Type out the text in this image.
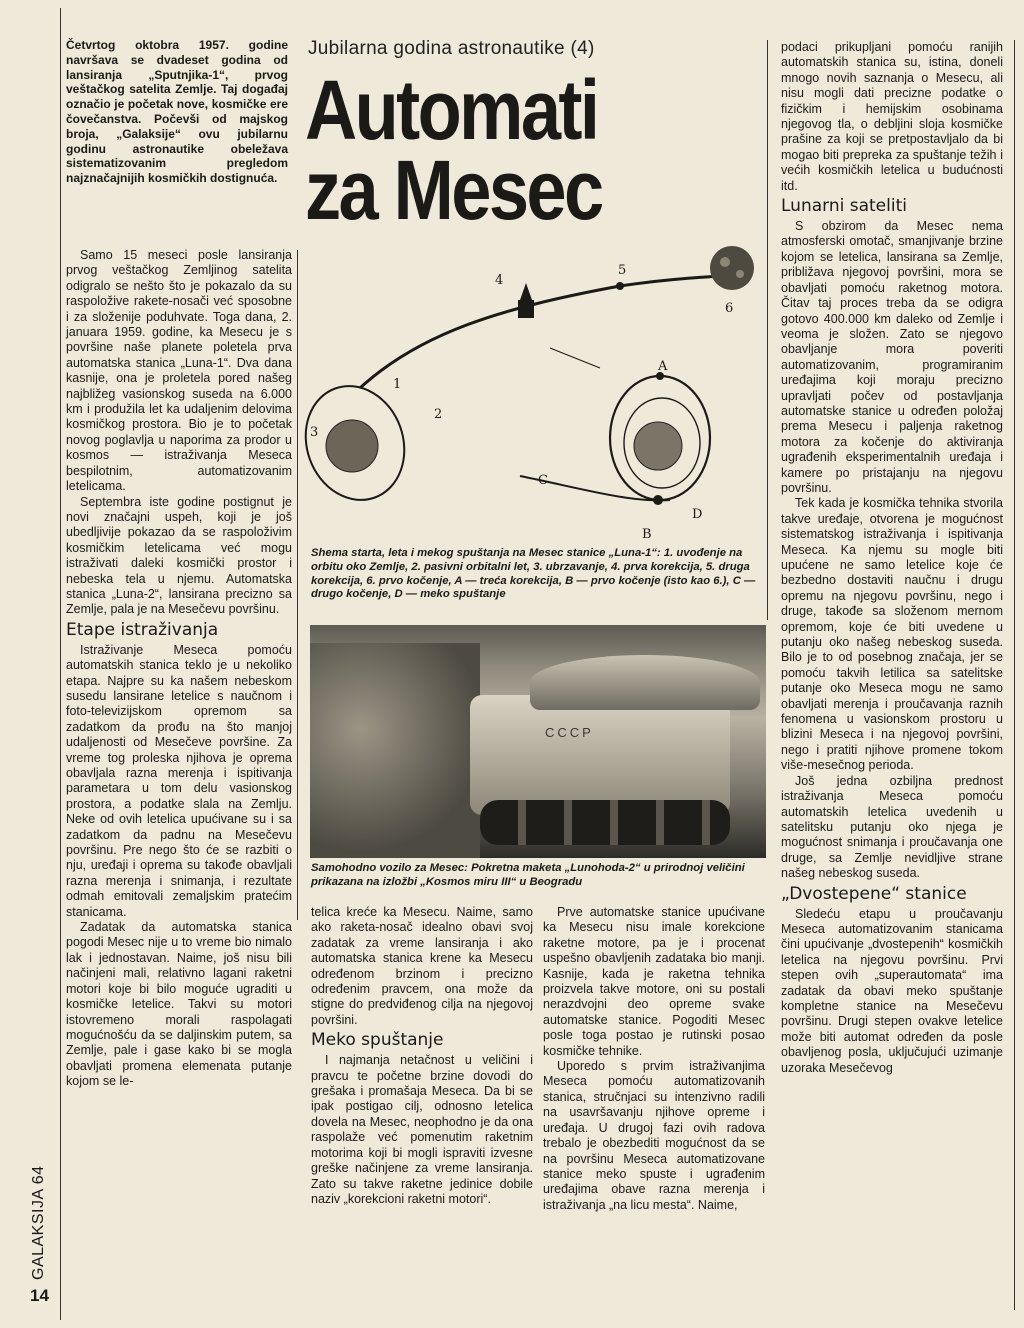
Četvrtog oktobra 1957. godine navršava se dvadeset godina od lansiranja „Sputnjika-1“, prvog veštačkog satelita Zemlje. Taj događaj označio je početak nove, kosmičke ere čovečanstva. Počevši od majskog broja, „Galaksije“ ovu jubilarnu godinu astronautike obeležava sistematizovanim pregledom najznačajnijih kosmičkih dostignuća.
Jubilarna godina astronautike (4)
Automati
za Mesec

Samo 15 meseci posle lansiranja prvog veštačkog Zemljinog satelita odigralo se nešto što je pokazalo da su raspoložive rakete-nosači već sposobne i za složenije poduhvate. Toga dana, 2. januara 1959. godine, ka Mesecu je s površine naše planete poletela prva automatska stanica „Luna-1“. Dva dana kasnije, ona je proletela pored našeg najbližeg vasionskog suseda na 6.000 km i produžila let ka udaljenim delovima kosmičkog prostora. Bio je to početak novog poglavlja u naporima za prodor u kosmos — istraživanja Meseca bespilotnim, automatizovanim letelicama.

Septembra iste godine postignut je novi značajni uspeh, koji je još ubedljivije pokazao da se raspoloživim kosmičkim letelicama već mogu istraživati daleki kosmički prostor i nebeska tela u njemu. Automatska stanica „Luna-2“, lansirana precizno sa Zemlje, pala je na Mesečevu površinu.

Etape istraživanja

Istraživanje Meseca pomoću automatskih stanica teklo je u nekoliko etapa. Najpre su ka našem nebeskom susedu lansirane letelice s naučnom i foto-televizijskom opremom sa zadatkom da prođu na što manjoj udaljenosti od Mesečeve površine. Za vreme tog proleska njihova je oprema obavljala razna merenja i ispitivanja parametara u tom delu vasionskog prostora, a podatke slala na Zemlju. Neke od ovih letelica upućivane su i sa zadatkom da padnu na Mesečevu površinu. Pre nego što će se razbiti o nju, uređaji i oprema su takođe obavljali razna merenja i snimanja, i rezultate odmah emitovali zemaljskim pratećim stanicama.

Zadatak da automatska stanica pogodi Mesec nije u to vreme bio nimalo lak i jednostavan. Naime, još nisu bili načinjeni mali, relativno lagani raketni motori koje bi bilo moguće ugraditi u kosmičke letelice. Takvi su motori istovremeno morali raspolagati mogućnošću da se daljinskim putem, sa Zemlje, pale i gase kako bi se mogla obavljati promena elemenata putanje kojom se le-

1
2
3
4
5
6
A
B
C
D
Shema starta, leta i mekog spuštanja na Mesec stanice „Luna-1“: 1. uvođenje na orbitu oko Zemlje, 2. pasivni orbitalni let, 3. ubrzavanje, 4. prva korekcija, 5. druga korekcija, 6. prvo kočenje, A — treća korekcija, B — prvo kočenje (isto kao 6.), C — drugo kočenje, D — meko spuštanje
CCCP
Samohodno vozilo za Mesec: Pokretna maketa „Lunohoda-2“ u prirodnoj veličini prikazana na izložbi „Kosmos miru III“ u Beogradu

telica kreće ka Mesecu. Naime, samo ako raketa-nosač idealno obavi svoj zadatak za vreme lansiranja i ako automatska stanica krene ka Mesecu određenom brzinom i precizno određenim pravcem, ona može da stigne do predviđenog cilja na njegovoj površini.

Meko spuštanje

I najmanja netačnost u veličini i pravcu te početne brzine dovodi do grešaka i promašaja Meseca. Da bi se ipak postigao cilj, odnosno letelica dovela na Mesec, neophodno je da ona raspolaže već pomenutim raketnim motorima koji bi mogli ispraviti izvesne greške načinjene za vreme lansiranja. Zato su takve raketne jedinice dobile naziv „korekcioni raketni motori“.

Prve automatske stanice upućivane ka Mesecu nisu imale korekcione raketne motore, pa je i procenat uspešno obavljenih zadataka bio manji. Kasnije, kada je raketna tehnika proizvela takve motore, oni su postali nerazdvojni deo opreme svake automatske stanice. Pogoditi Mesec posle toga postao je rutinski posao kosmičke tehnike.

Uporedo s prvim istraživanjima Meseca pomoću automatizovanih stanica, stručnjaci su intenzivno radili na usavršavanju njihove opreme i uređaja. U drugoj fazi ovih radova trebalo je obezbediti mogućnost da se na površinu Meseca automatizovane stanice meko spuste i ugrađenim uređajima obave razna merenja i istraživanja „na licu mesta“. Naime,

podaci prikupljani pomoću ranijih automatskih stanica su, istina, doneli mnogo novih saznanja o Mesecu, ali nisu mogli dati precizne podatke o fizičkim i hemijskim osobinama njegovog tla, o debljini sloja kosmičke prašine za koji se pretpostavljalo da bi mogao biti prepreka za spuštanje težih i većih kosmičkih letelica u budućnosti itd.

Lunarni sateliti

S obzirom da Mesec nema atmosferski omotač, smanjivanje brzine kojom se letelica, lansirana sa Zemlje, približava njegovoj površini, mora se obavljati pomoću raketnog motora. Čitav taj proces treba da se odigra gotovo 400.000 km daleko od Zemlje i veoma je složen. Zato se njegovo obavljanje mora poveriti automatizovanim, programiranim uređajima koji moraju precizno upravljati počev od postavljanja automatske stanice u određen položaj prema Mesecu i paljenja raketnog motora za kočenje do aktiviranja ugrađenih eksperimentalnih uređaja i kamere po pristajanju na njegovu površinu.

Tek kada je kosmička tehnika stvorila takve uređaje, otvorena je mogućnost sistematskog istraživanja i ispitivanja Meseca. Ka njemu su mogle biti upućene ne samo letelice koje će bezbedno dostaviti naučnu i drugu opremu na njegovu površinu, nego i druge, takođe sa složenom mernom opremom, koje će biti uvedene u putanju oko našeg nebeskog suseda. Bilo je to od posebnog značaja, jer se pomoću takvih letilica sa satelitske putanje oko Meseca mogu ne samo obavljati merenja i proučavanja raznih fenomena u vasionskom prostoru u blizini Meseca i na njegovoj površini, nego i pratiti njihove promene tokom više-mesečnog perioda.

Još jedna ozbiljna prednost istraživanja Meseca pomoću automatskih letelica uvedenih u satelitsku putanju oko njega je mogućnost snimanja i proučavanja one druge, sa Zemlje nevidljive strane našeg nebeskog suseda.

„Dvostepene“ stanice

Sledeću etapu u proučavanju Meseca automatizovanim stanicama čini upućivanje „dvostepenih“ kosmičkih letelica na njegovu površinu. Prvi stepen ovih „superautomata“ ima zadatak da obavi meko spuštanje kompletne stanice na Mesečevu površinu. Drugi stepen ovakve letelice može biti automat određen da posle obavljenog posla, uključujući uzimanje uzoraka Mesečevog

GALAKSIJA 64
14
